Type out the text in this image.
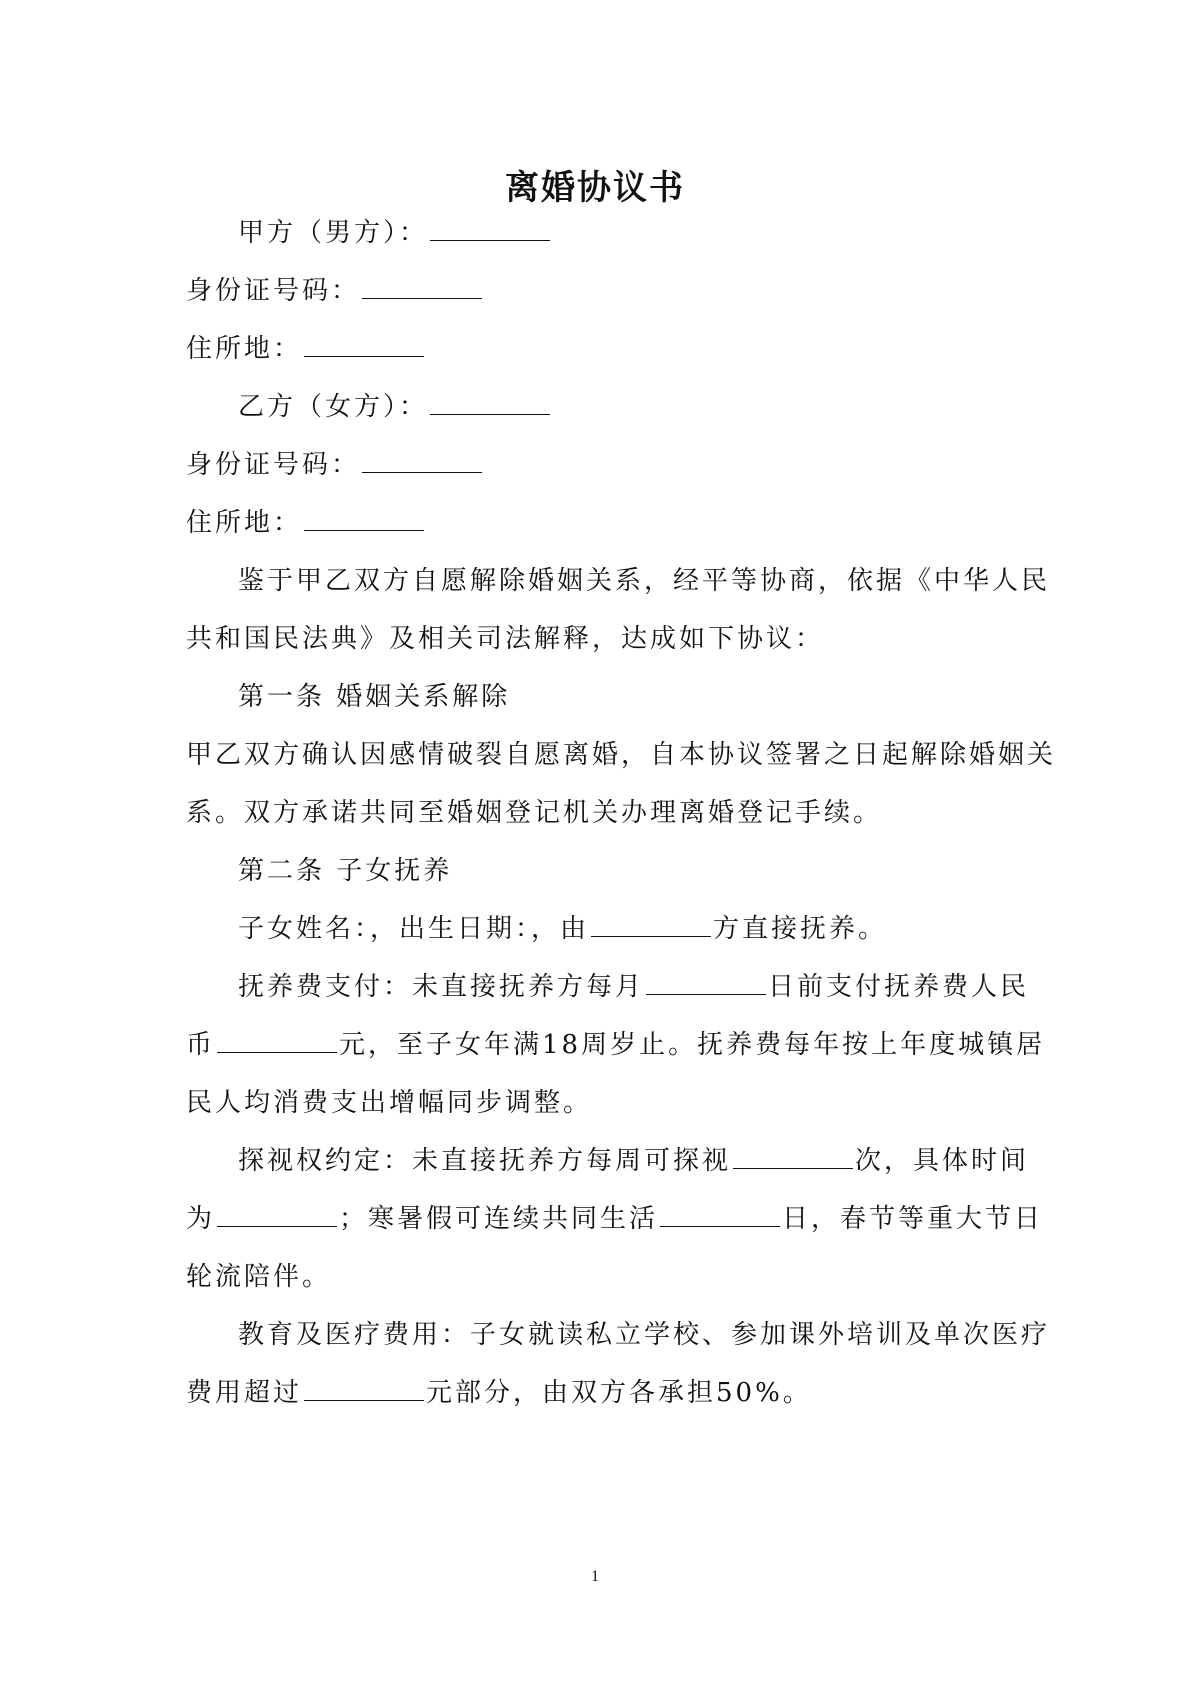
离婚协议书
甲方（男方）：
身份证号码：
住所地：
乙方（女方）：
身份证号码：
住所地：
鉴于甲乙双方自愿解除婚姻关系，经平等协商，依据《中华人民
共和国民法典》及相关司法解释，达成如下协议：
第一条 婚姻关系解除
甲乙双方确认因感情破裂自愿离婚，自本协议签署之日起解除婚姻关
系。双方承诺共同至婚姻登记机关办理离婚登记手续。
第二条 子女抚养
子女姓名：，出生日期：，由	方直接抚养。
抚养费支付：未直接抚养方每月	日前支付抚养费人民
币	元，至子女年满18周岁止。抚养费每年按上年度城镇居
民人均消费支出增幅同步调整。
探视权约定：未直接抚养方每周可探视	次，具体时间
为	；寒暑假可连续共同生活	日，春节等重大节日
轮流陪伴。
教育及医疗费用：子女就读私立学校、参加课外培训及单次医疗
费用超过	元部分，由双方各承担50%。
1
